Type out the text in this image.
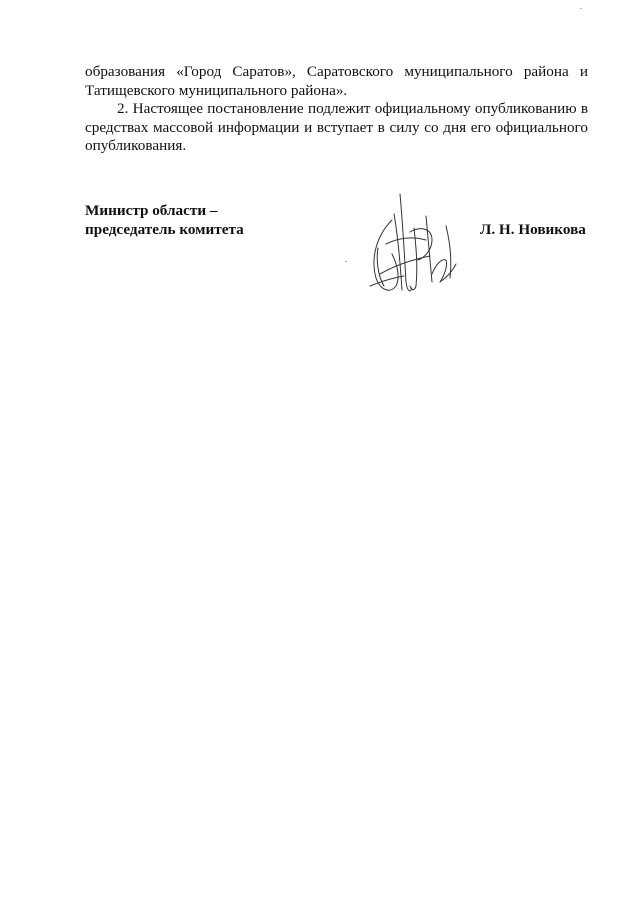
образования «Город Саратов», Саратовского муниципального района и
Татищевского муниципального района».

2. Настоящее постановление подлежит официальному опубликованию в

средствах массовой информации и вступает в силу со дня его официального
опубликования.

Министр области –
председатель комитета	Л. Н. Новикова
